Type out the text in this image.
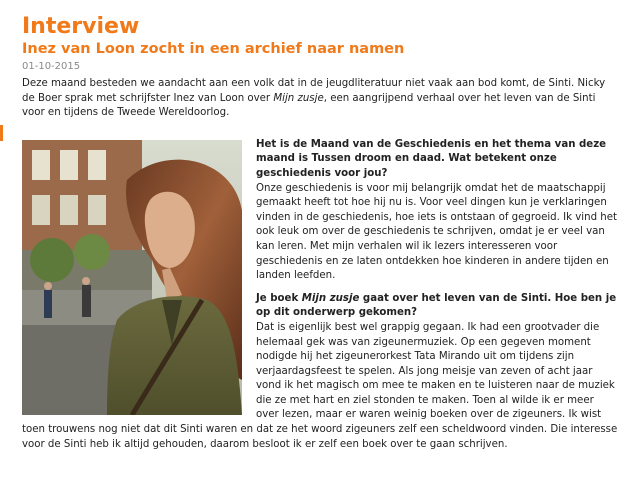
Interview
Inez van Loon zocht in een archief naar namen
01-10-2015

Deze maand besteden we aandacht aan een volk dat in de jeugdliteratuur niet vaak aan bod komt, de Sinti. Nicky de Boer sprak met schrijfster Inez van Loon over Mijn zusje, een aangrijpend verhaal over het leven van de Sinti voor en tijdens de Tweede Wereldoorlog.

Het is de Maand van de Geschiedenis en het thema van deze maand is Tussen droom en daad. Wat betekent onze geschiedenis voor jou?

Onze geschiedenis is voor mij belangrijk omdat het de maatschappij gemaakt heeft tot hoe hij nu is. Voor veel dingen kun je verklaringen vinden in de geschiedenis, hoe iets is ontstaan of gegroeid. Ik vind het ook leuk om over de geschiedenis te schrijven, omdat je er veel van kan leren. Met mijn verhalen wil ik lezers interesseren voor geschiedenis en ze laten ontdekken hoe kinderen in andere tijden en landen leefden.

Je boek Mijn zusje gaat over het leven van de Sinti. Hoe ben je op dit onderwerp gekomen?

Dat is eigenlijk best wel grappig gegaan. Ik had een grootvader die helemaal gek was van zigeunermuziek. Op een gegeven moment nodigde hij het zigeunerorkest Tata Mirando uit om tijdens zijn verjaardagsfeest te spelen. Als jong meisje van zeven of acht jaar vond ik het magisch om mee te maken en te luisteren naar de muziek die ze met hart en ziel stonden te maken. Toen al wilde ik er meer over lezen, maar er waren weinig boeken over de zigeuners. Ik wist toen trouwens nog niet dat dit Sinti waren en dat ze het woord zigeuners zelf een scheldwoord vinden. Die interesse voor de Sinti heb ik altijd gehouden, daarom besloot ik er zelf een boek over te gaan schrijven.
